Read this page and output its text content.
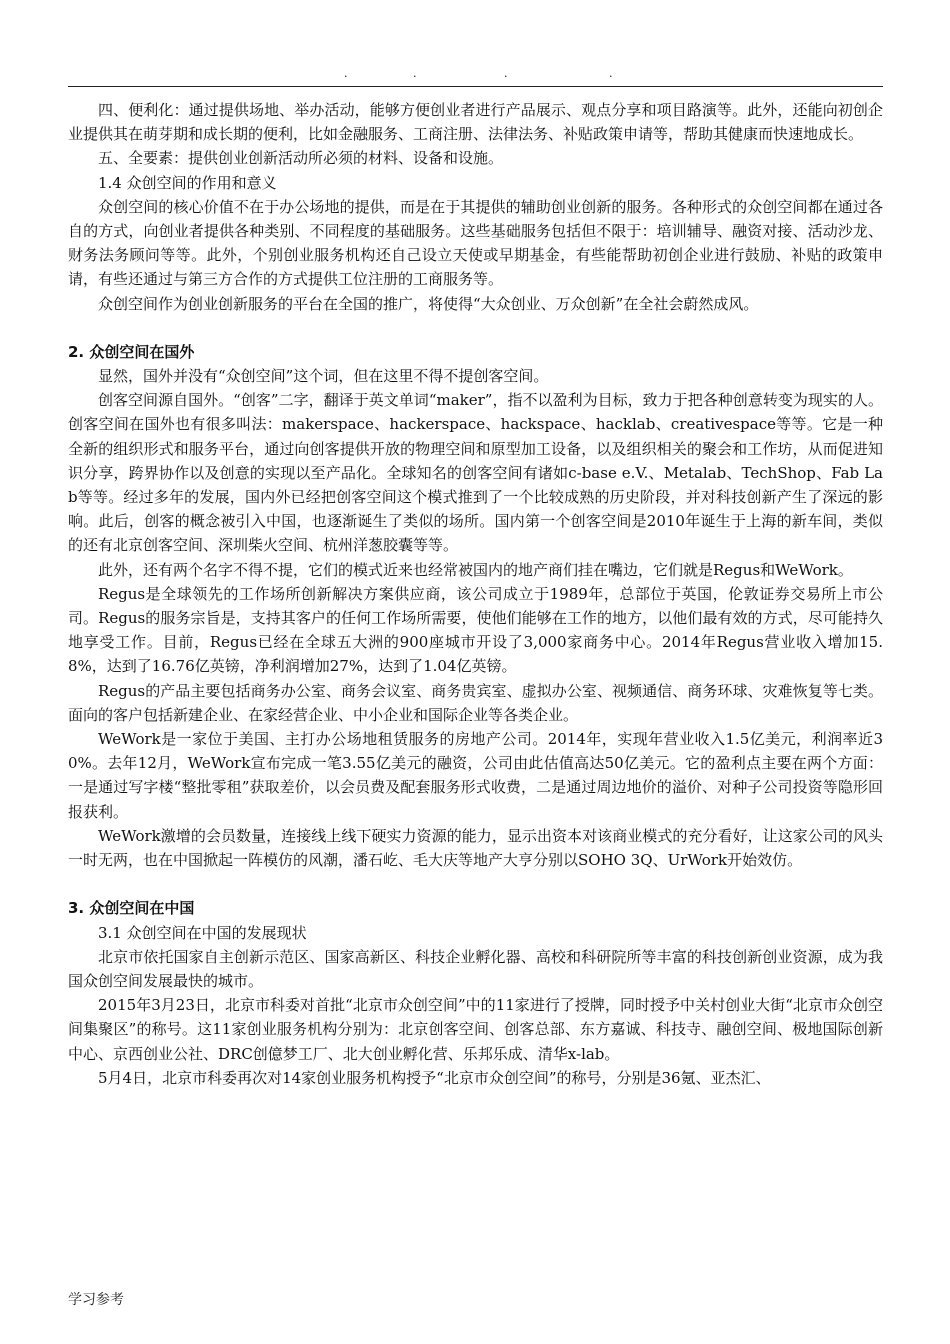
.	.	.	.

四、便利化：通过提供场地、举办活动，能够方便创业者进行产品展示、观点分享和项目路演等。此外，还能向初创企业提供其在萌芽期和成长期的便利，比如金融服务、工商注册、法律法务、补贴政策申请等，帮助其健康而快速地成长。

五、全要素：提供创业创新活动所必须的材料、设备和设施。

1.4 众创空间的作用和意义

众创空间的核心价值不在于办公场地的提供，而是在于其提供的辅助创业创新的服务。各种形式的众创空间都在通过各自的方式，向创业者提供各种类别、不同程度的基础服务。这些基础服务包括但不限于：培训辅导、融资对接、活动沙龙、财务法务顾问等等。此外，个别创业服务机构还自己设立天使或早期基金，有些能帮助初创企业进行鼓励、补贴的政策申请，有些还通过与第三方合作的方式提供工位注册的工商服务等。

众创空间作为创业创新服务的平台在全国的推广，将使得“大众创业、万众创新”在全社会蔚然成风。

2. 众创空间在国外

显然，国外并没有“众创空间”这个词，但在这里不得不提创客空间。

创客空间源自国外。“创客”二字，翻译于英文单词“maker”，指不以盈利为目标，致力于把各种创意转变为现实的人。创客空间在国外也有很多叫法：makerspace、hackerspace、hackspace、hacklab、creativespace等等。它是一种全新的组织形式和服务平台，通过向创客提供开放的物理空间和原型加工设备，以及组织相关的聚会和工作坊，从而促进知识分享，跨界协作以及创意的实现以至产品化。全球知名的创客空间有诸如c-base e.V.、Metalab、TechShop、Fab Lab等等。经过多年的发展，国内外已经把创客空间这个模式推到了一个比较成熟的历史阶段，并对科技创新产生了深远的影响。此后，创客的概念被引入中国，也逐渐诞生了类似的场所。国内第一个创客空间是2010年诞生于上海的新车间，类似的还有北京创客空间、深圳柴火空间、杭州洋葱胶囊等等。

此外，还有两个名字不得不提，它们的模式近来也经常被国内的地产商们挂在嘴边，它们就是Regus和WeWork。

Regus是全球领先的工作场所创新解决方案供应商，该公司成立于1989年，总部位于英国，伦敦证券交易所上市公司。Regus的服务宗旨是，支持其客户的任何工作场所需要，使他们能够在工作的地方，以他们最有效的方式，尽可能持久地享受工作。目前，Regus已经在全球五大洲的900座城市开设了3,000家商务中心。2014年Regus营业收入增加15.8%，达到了16.76亿英镑，净利润增加27%，达到了1.04亿英镑。

Regus的产品主要包括商务办公室、商务会议室、商务贵宾室、虚拟办公室、视频通信、商务环球、灾难恢复等七类。面向的客户包括新建企业、在家经营企业、中小企业和国际企业等各类企业。

WeWork是一家位于美国、主打办公场地租赁服务的房地产公司。2014年，实现年营业收入1.5亿美元，利润率近30%。去年12月，WeWork宣布完成一笔3.55亿美元的融资，公司由此估值高达50亿美元。它的盈利点主要在两个方面：一是通过写字楼“整批零租”获取差价，以会员费及配套服务形式收费，二是通过周边地价的溢价、对种子公司投资等隐形回报获利。

WeWork激增的会员数量，连接线上线下硬实力资源的能力，显示出资本对该商业模式的充分看好，让这家公司的风头一时无两，也在中国掀起一阵模仿的风潮，潘石屹、毛大庆等地产大亨分别以SOHO 3Q、UrWork开始效仿。

3. 众创空间在中国

3.1 众创空间在中国的发展现状

北京市依托国家自主创新示范区、国家高新区、科技企业孵化器、高校和科研院所等丰富的科技创新创业资源，成为我国众创空间发展最快的城市。

2015年3月23日，北京市科委对首批“北京市众创空间”中的11家进行了授牌，同时授予中关村创业大街“北京市众创空间集聚区”的称号。这11家创业服务机构分别为：北京创客空间、创客总部、东方嘉诚、科技寺、融创空间、极地国际创新中心、京西创业公社、DRC创億梦工厂、北大创业孵化营、乐邦乐成、清华x-lab。

5月4日，北京市科委再次对14家创业服务机构授予“北京市众创空间”的称号，分别是36氪、亚杰汇、

学习参考
